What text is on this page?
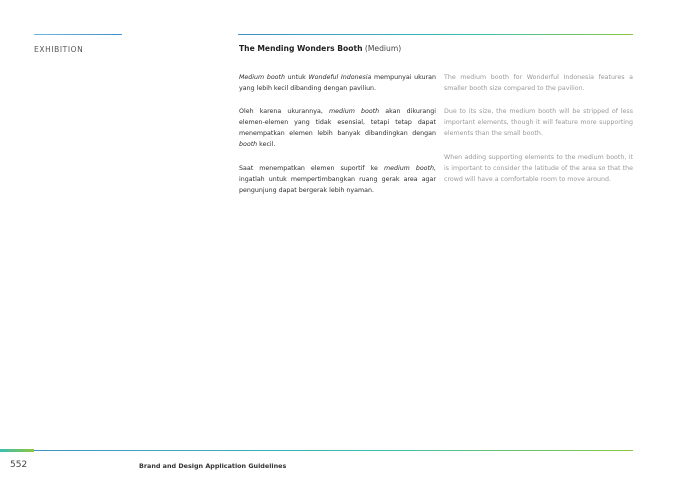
EXHIBITION	The Mending Wonders Booth (Medium)

Medium booth untuk Wondeful Indonesia mempunyai ukuran yang lebih kecil dibanding dengan paviliun.

Oleh karena ukurannya, medium booth akan dikurangi elemen-elemen yang tidak esensial, tetapi tetap dapat menempatkan elemen lebih banyak dibandingkan dengan booth kecil.

Saat menempatkan elemen suportif ke medium booth, ingatlah untuk mempertimbangkan ruang gerak area agar pengunjung dapat bergerak lebih nyaman.

The medium booth for Wonderful Indonesia features a smaller booth size compared to the pavilion.

Due to its size, the medium booth will be stripped of less important elements, though it will feature more supporting elements than the small booth.

When adding supporting elements to the medium booth, it is important to consider the latitude of the area so that the crowd will have a comfortable room to move around.

552	Brand and Design Application Guidelines
